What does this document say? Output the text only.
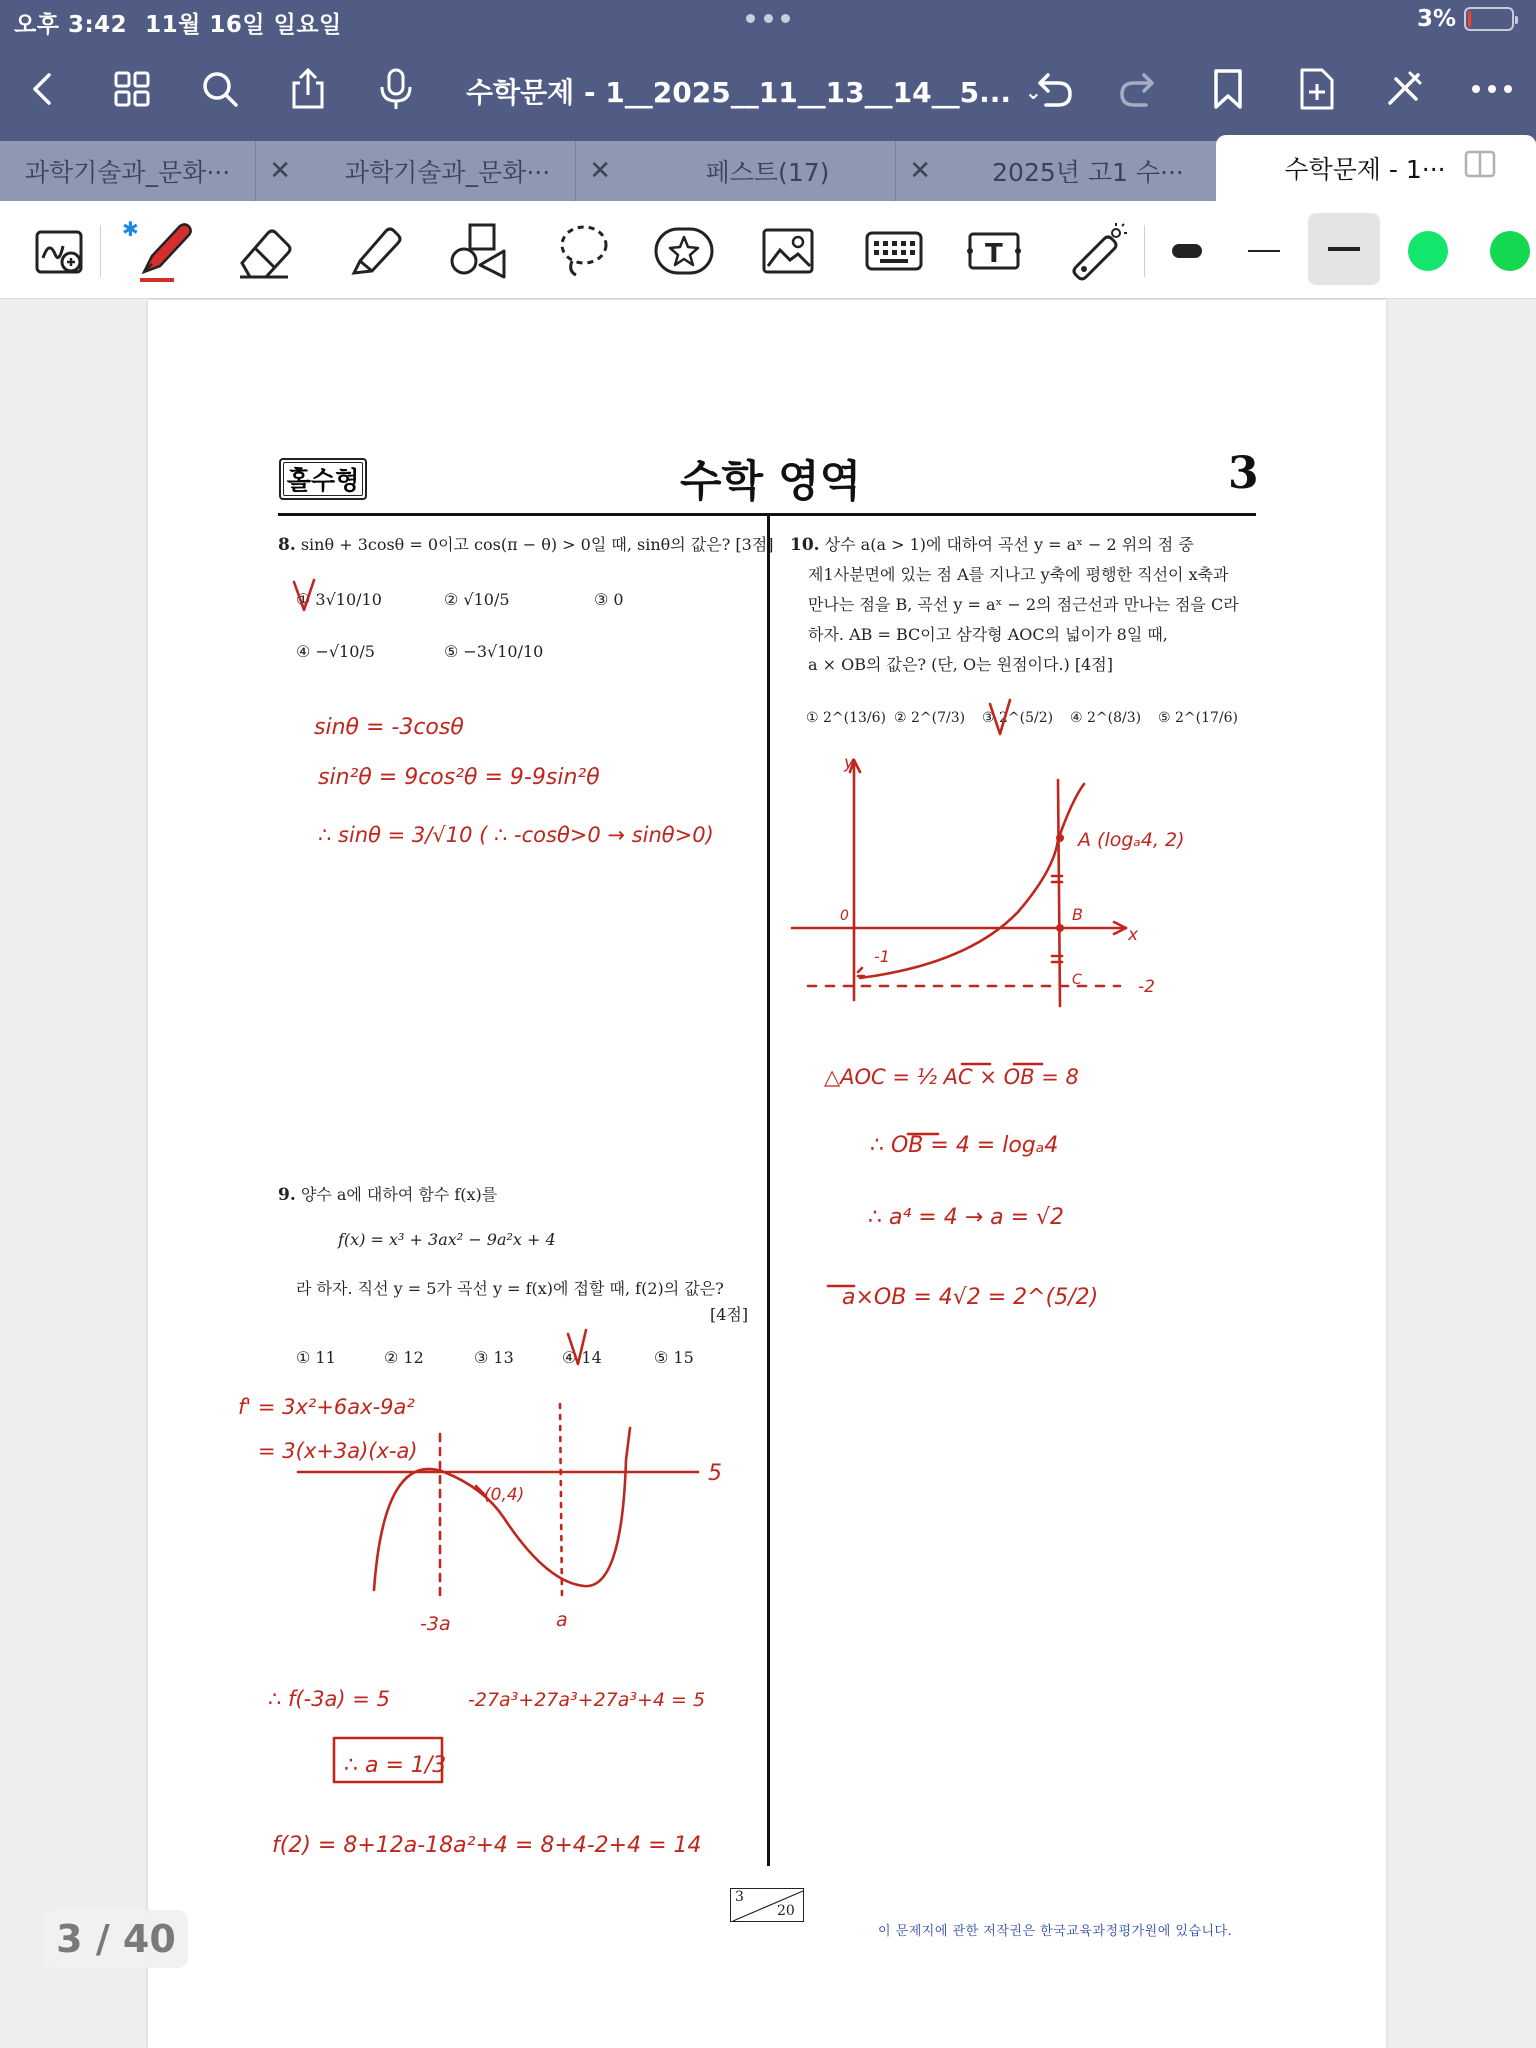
오후 3:42 11월 16일 일요일	3%
수학문제 - 1__2025__11__13__14__5... ⌄
과학기술과_문화··· ✕ 과학기술과_문화··· ✕	페스트(17)	✕ 2025년 고1 수···	수학문제 - 1···
✱
T
홀수형	수학 영역	3
8. sinθ + 3cosθ = 0이고 cos(π − θ) > 0일 때, sinθ의 값은? [3점]
① 3√10/10	② √10/5	③ 0
④ −√10/5	⑤ −3√10/10
9. 양수 a에 대하여 함수 f(x)를
f(x) = x³ + 3ax² − 9a²x + 4
라 하자. 직선 y = 5가 곡선 y = f(x)에 접할 때, f(2)의 값은?
[4점]
① 11	② 12	③ 13	④ 14	⑤ 15
10. 상수 a(a > 1)에 대하여 곡선 y = aˣ − 2 위의 점 중
제1사분면에 있는 점 A를 지나고 y축에 평행한 직선이 x축과
만나는 점을 B, 곡선 y = aˣ − 2의 점근선과 만나는 점을 C라
하자. AB = BC이고 삼각형 AOC의 넓이가 8일 때,
a × OB의 값은? (단, O는 원점이다.) [4점]
① 2^(13/6) ② 2^(7/3) ③ 2^(5/2) ④ 2^(8/3) ⑤ 2^(17/6)
3
20
이 문제지에 관한 저작권은 한국교육과정평가원에 있습니다.
sinθ = -3cosθ
sin²θ = 9cos²θ = 9-9sin²θ
∴ sinθ = 3/√10 ( ∴ -cosθ>0 → sinθ>0)
f' = 3x²+6ax-9a²
= 3(x+3a)(x-a)
5
(0,4)
-3a	a
∴ f(-3a) = 5	-27a³+27a³+27a³+4 = 5
∴ a = 1/3
f(2) = 8+12a-18a²+4 = 8+4-2+4 = 14
y
A (logₐ4, 2)
B
x
0
-1
C	-2
△AOC = ½ AC × OB = 8
∴ OB = 4 = logₐ4
∴ a⁴ = 4 → a = √2
a×OB = 4√2 = 2^(5/2)
3 / 40
